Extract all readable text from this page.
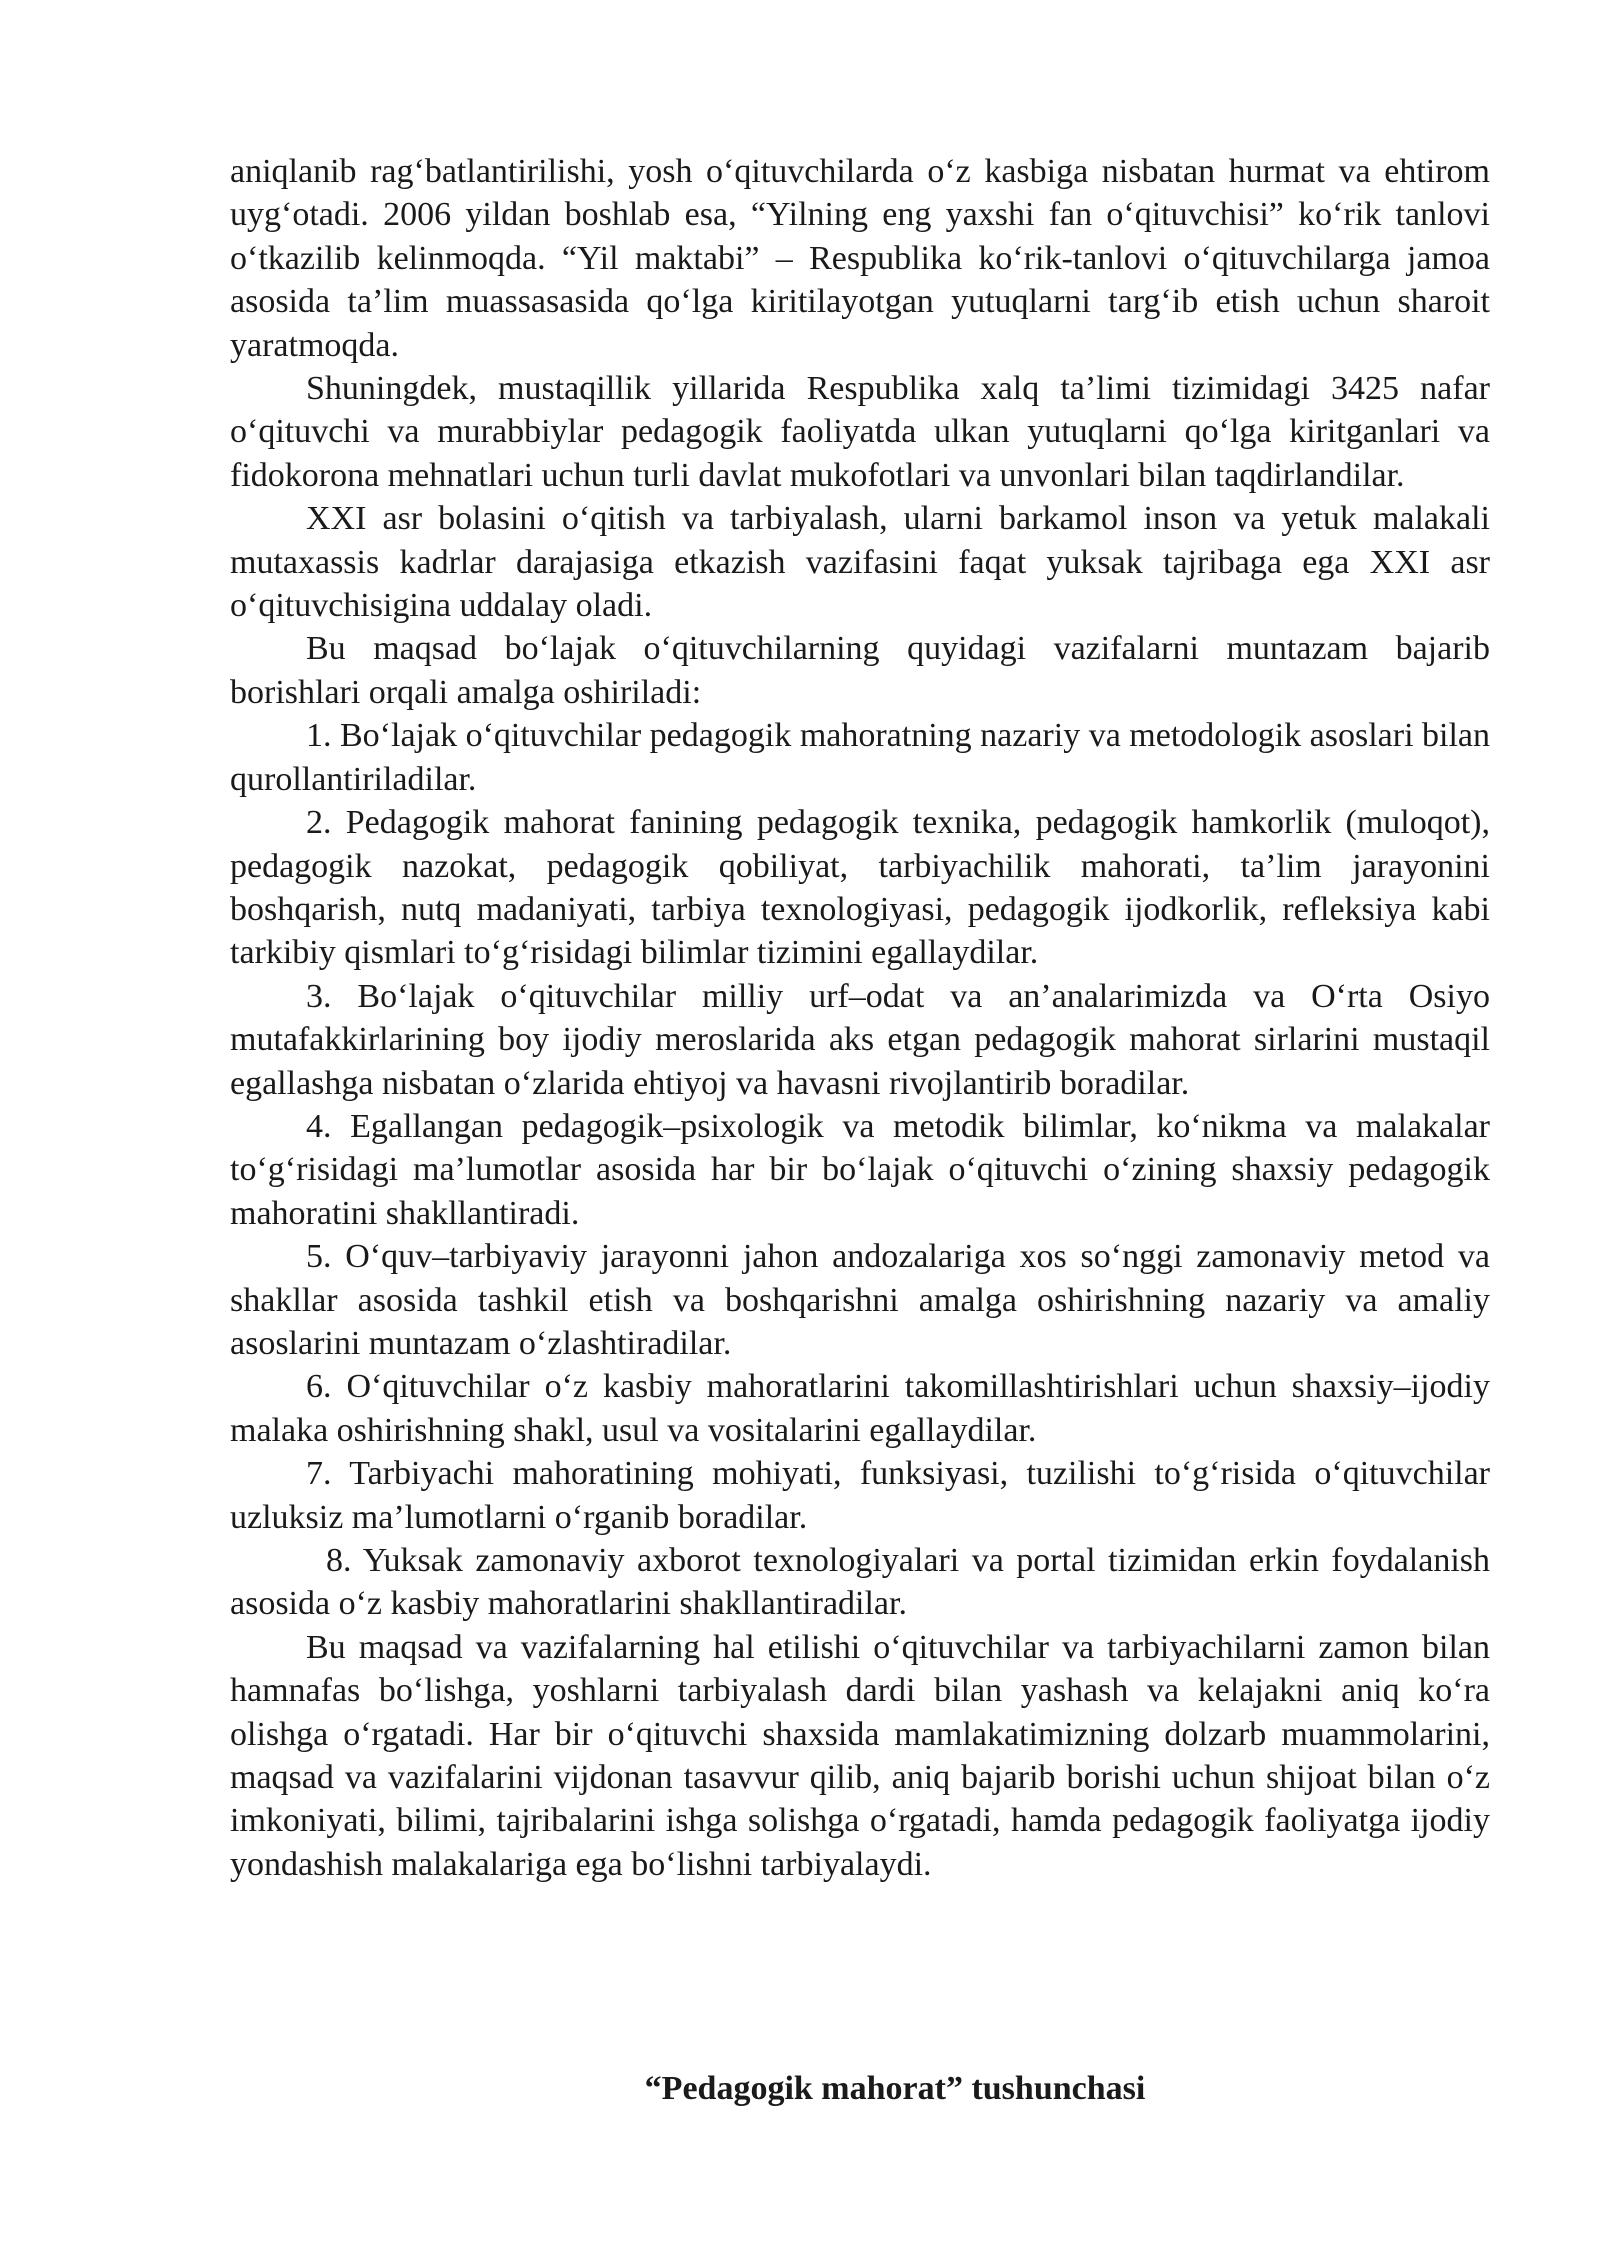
aniqlanib rag‘batlantirilishi, yosh o‘qituvchilarda o‘z kasbiga nisbatan hurmat va ehtirom uyg‘otadi. 2006 yildan boshlab esa, “Yilning eng yaxshi fan o‘qituvchisi” ko‘rik tanlovi o‘tkazilib kelinmoqda. “Yil maktabi” – Respublika ko‘rik-tanlovi o‘qituvchilarga jamoa asosida ta’lim muassasasida qo‘lga kiritilayotgan yutuqlarni targ‘ib etish uchun sharoit yaratmoqda.

Shuningdek, mustaqillik yillarida Respublika xalq ta’limi tizimidagi 3425 nafar o‘qituvchi va murabbiylar pedagogik faoliyatda ulkan yutuqlarni qo‘lga kiritganlari va fidokorona mehnatlari uchun turli davlat mukofotlari va unvonlari bilan taqdirlandilar.

XXI asr bolasini o‘qitish va tarbiyalash, ularni barkamol inson va yetuk malakali mutaxassis kadrlar darajasiga etkazish vazifasini faqat yuksak tajribaga ega XXI asr o‘qituvchisigina uddalay oladi.

Bu maqsad bo‘lajak o‘qituvchilarning quyidagi vazifalarni muntazam bajarib borishlari orqali amalga oshiriladi:

1. Bo‘lajak o‘qituvchilar pedagogik mahoratning nazariy va metodologik asoslari bilan qurollantiriladilar.

2. Pedagogik mahorat fanining pedagogik texnika, pedagogik hamkorlik (muloqot), pedagogik nazokat, pedagogik qobiliyat, tarbiyachilik mahorati, ta’lim jarayonini boshqarish, nutq madaniyati, tarbiya texnologiyasi, pedagogik ijodkorlik, refleksiya kabi tarkibiy qismlari to‘g‘risidagi bilimlar tizimini egallaydilar.

3. Bo‘lajak o‘qituvchilar milliy urf–odat va an’analarimizda va O‘rta Osiyo mutafakkirlarining boy ijodiy meroslarida aks etgan pedagogik mahorat sirlarini mustaqil egallashga nisbatan o‘zlarida ehtiyoj va havasni rivojlantirib boradilar.

4. Egallangan pedagogik–psixologik va metodik bilimlar, ko‘nikma va malakalar to‘g‘risidagi ma’lumotlar asosida har bir bo‘lajak o‘qituvchi o‘zining shaxsiy pedagogik mahoratini shakllantiradi.

5. O‘quv–tarbiyaviy jarayonni jahon andozalariga xos so‘nggi zamonaviy metod va shakllar asosida tashkil etish va boshqarishni amalga oshirishning nazariy va amaliy asoslarini muntazam o‘zlashtiradilar.

6. O‘qituvchilar o‘z kasbiy mahoratlarini takomillashtirishlari uchun shaxsiy–ijodiy malaka oshirishning shakl, usul va vositalarini egallaydilar.

7. Tarbiyachi mahoratining mohiyati, funksiyasi, tuzilishi to‘g‘risida o‘qituvchilar uzluksiz ma’lumotlarni o‘rganib boradilar.

8. Yuksak zamonaviy axborot texnologiyalari va portal tizimidan erkin foydalanish asosida o‘z kasbiy mahoratlarini shakllantiradilar.

Bu maqsad va vazifalarning hal etilishi o‘qituvchilar va tarbiyachilarni zamon bilan hamnafas bo‘lishga, yoshlarni tarbiyalash dardi bilan yashash va kelajakni aniq ko‘ra olishga o‘rgatadi. Har bir o‘qituvchi shaxsida mamlakatimizning dolzarb muammolarini, maqsad va vazifalarini vijdonan tasavvur qilib, aniq bajarib borishi uchun shijoat bilan o‘z imkoniyati, bilimi, tajribalarini ishga solishga o‘rgatadi, hamda pedagogik faoliyatga ijodiy yondashish malakalariga ega bo‘lishni tarbiyalaydi.

“Pedagogik mahorat” tushunchasi
